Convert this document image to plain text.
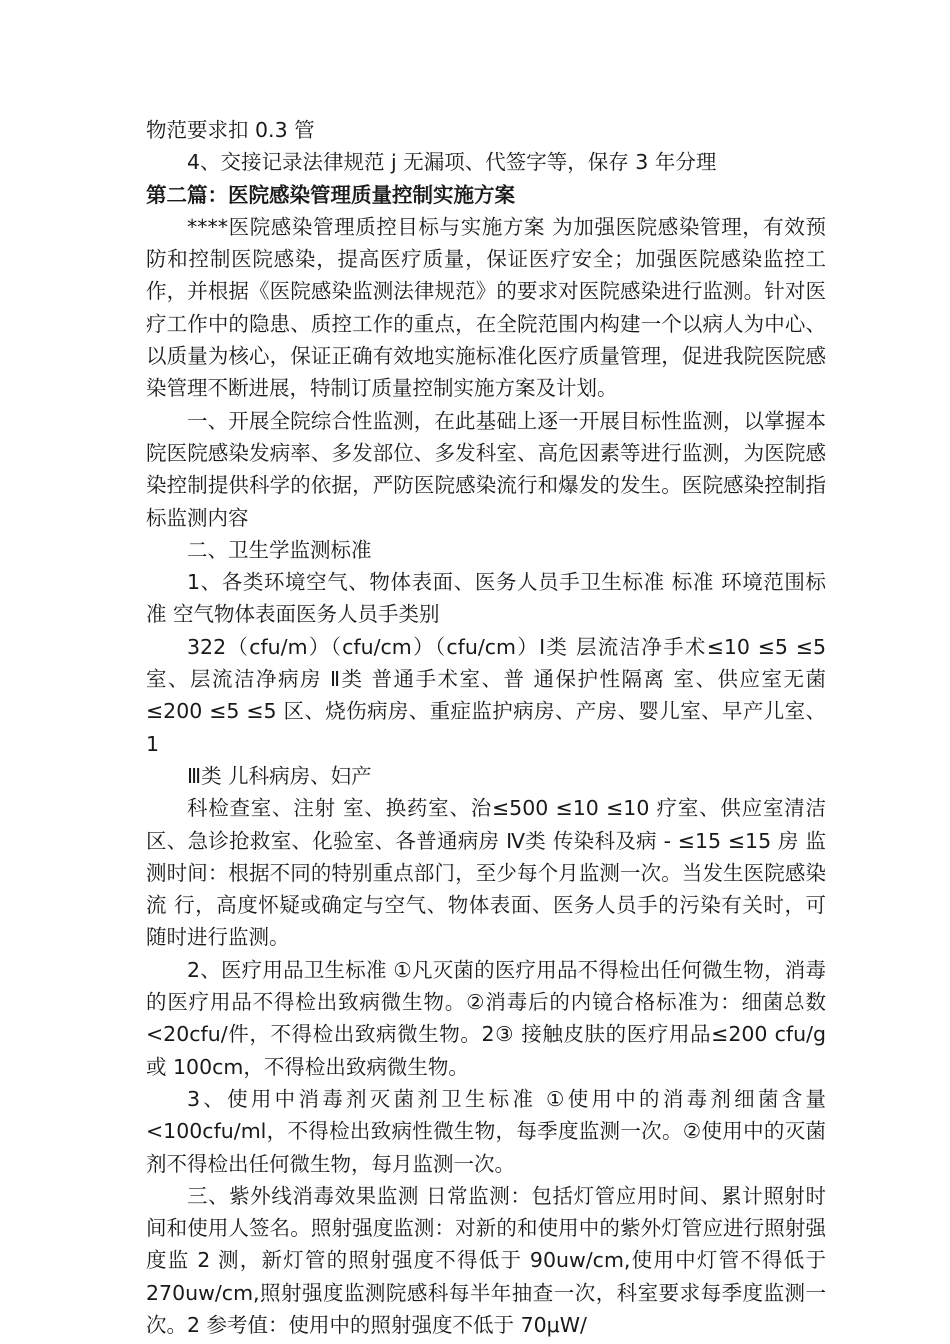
物范要求扣 0.3 管

4、交接记录法律规范 j 无漏项、代签字等，保存 3 年分理

第二篇：医院感染管理质量控制实施方案

****医院感染管理质控目标与实施方案 为加强医院感染管理，有效预防和控制医院感染，提高医疗质量，保证医疗安全；加强医院感染监控工作，并根据《医院感染监测法律规范》的要求对医院感染进行监测。针对医疗工作中的隐患、质控工作的重点，在全院范围内构建一个以病人为中心、以质量为核心，保证正确有效地实施标准化医疗质量管理，促进我院医院感染管理不断进展，特制订质量控制实施方案及计划。

一、开展全院综合性监测，在此基础上逐一开展目标性监测，以掌握本院医院感染发病率、多发部位、多发科室、高危因素等进行监测，为医院感染控制提供科学的依据，严防医院感染流行和爆发的发生。医院感染控制指标监测内容

二、卫生学监测标准

1、各类环境空气、物体表面、医务人员手卫生标准 标准 环境范围标准 空气物体表面医务人员手类别

322（cfu/m）（cfu/cm）（cfu/cm）Ⅰ类 层流洁净手术≤10 ≤5 ≤5 室、层流洁净病房 Ⅱ类 普通手术室、普 通保护性隔离 室、供应室无菌≤200 ≤5 ≤5 区、烧伤病房、重症监护病房、产房、婴儿室、早产儿室、1

Ⅲ类 儿科病房、妇产

科检查室、注射 室、换药室、治≤500 ≤10 ≤10 疗室、供应室清洁区、急诊抢救室、化验室、各普通病房 Ⅳ类 传染科及病 - ≤15 ≤15 房 监测时间：根据不同的特别重点部门，至少每个月监测一次。当发生医院感染流 行，高度怀疑或确定与空气、物体表面、医务人员手的污染有关时，可随时进行监测。

2、医疗用品卫生标准 ①凡灭菌的医疗用品不得检出任何微生物，消毒的医疗用品不得检出致病微生物。②消毒后的内镜合格标准为：细菌总数<20cfu/件，不得检出致病微生物。2③ 接触皮肤的医疗用品≤200 cfu/g 或 100cm，不得检出致病微生物。

3、使用中消毒剂灭菌剂卫生标准 ①使用中的消毒剂细菌含量<100cfu/ml，不得检出致病性微生物，每季度监测一次。②使用中的灭菌剂不得检出任何微生物，每月监测一次。

三、紫外线消毒效果监测 日常监测：包括灯管应用时间、累计照射时间和使用人签名。照射强度监测：对新的和使用中的紫外灯管应进行照射强度监 2 测，新灯管的照射强度不得低于 90uw/cm,使用中灯管不得低于 270uw/cm,照射强度监测院感科每半年抽查一次，科室要求每季度监测一次。2 参考值：使用中的照射强度不低于 70μW/
